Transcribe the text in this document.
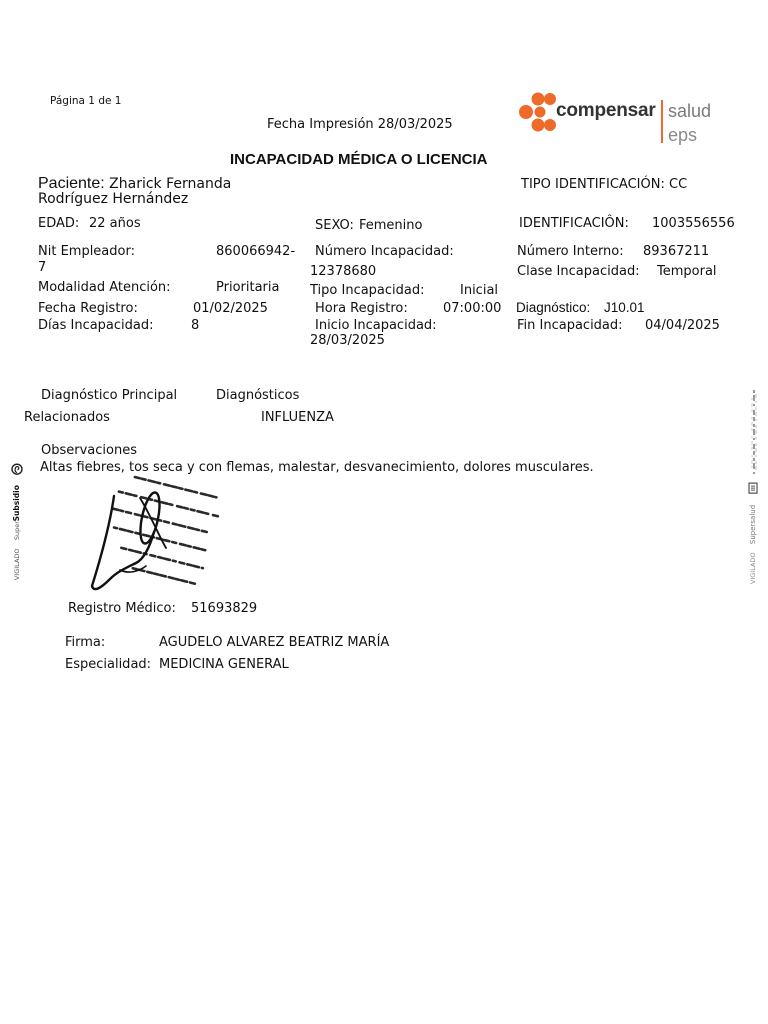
Página 1 de 1
Fecha Impresión 28/03/2025
compensar salud
eps
INCAPACIDAD MÉDICA O LICENCIA
Paciente: Zharick Fernanda Rodríguez Hernández
TIPO IDENTIFICACIÓN: CC
EDAD: 22 años	SEXO: Femenino	IDENTIFICACIÔN: 1003556556
Nit Empleador:	860066942-7
Número Incapacidad:
12378680
Número Interno: 89367211
Clase Incapacidad: Temporal
Modalidad Atención:	Prioritaria Tipo Incapacidad:	Inicial
Fecha Registro:	01/02/2025	Hora Registro:	07:00:00 Diagnóstico: J10.01
Días Incapacidad:	8	Inicio Incapacidad:
28/03/2025
Fin Incapacidad: 04/04/2025
Diagnóstico Principal	Diagnósticos
Relacionados	INFLUENZA
Observaciones
Altas fiebres, tos seca y con flemas, malestar, desvanecimiento, dolores musculares.
Registro Médico: 51693829
Firma:	AGUDELO ALVAREZ BEATRIZ MARÍA
Especialidad: MEDICINA GENERAL
VIGILADO SuperSubsidio
VIGILADO Supersalud
